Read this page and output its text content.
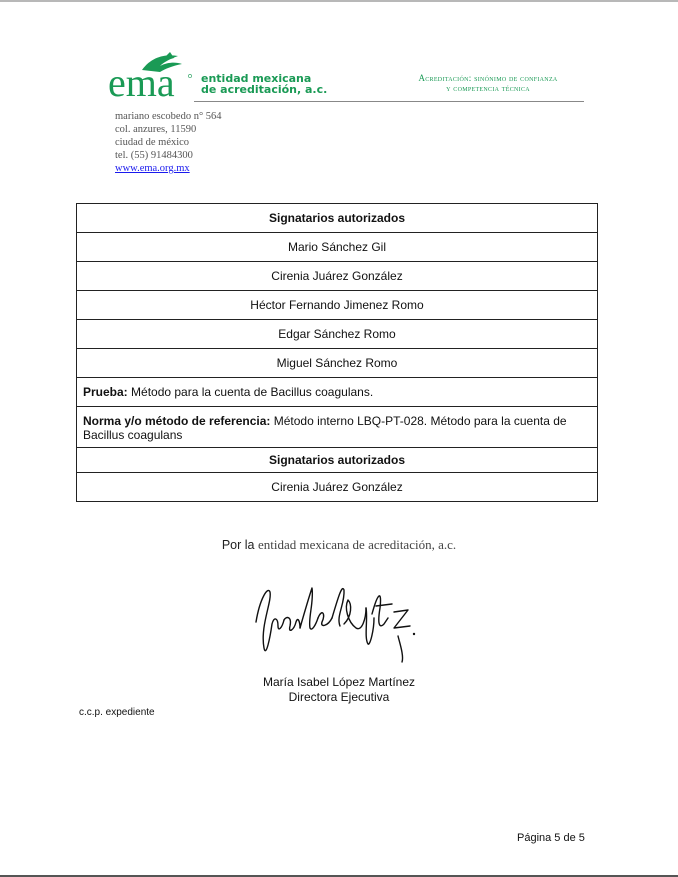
ema entidad mexicana
de acreditación, a.c.
Acreditación: sinónimo de confianza
y competencia técnica
mariano escobedo n° 564
col. anzures, 11590
ciudad de méxico
tel. (55) 91484300
www.ema.org.mx
Signatarios autorizados
Mario Sánchez Gil
Cirenia Juárez González
Héctor Fernando Jimenez Romo
Edgar Sánchez Romo
Miguel Sánchez Romo
Prueba: Método para la cuenta de Bacillus coagulans.
Norma y/o método de referencia: Método interno LBQ-PT-028. Método para la cuenta de Bacillus coagulans
Signatarios autorizados
Cirenia Juárez González
Por la entidad mexicana de acreditación, a.c.
María Isabel López Martínez
Directora Ejecutiva
c.c.p. expediente
Página 5 de 5
